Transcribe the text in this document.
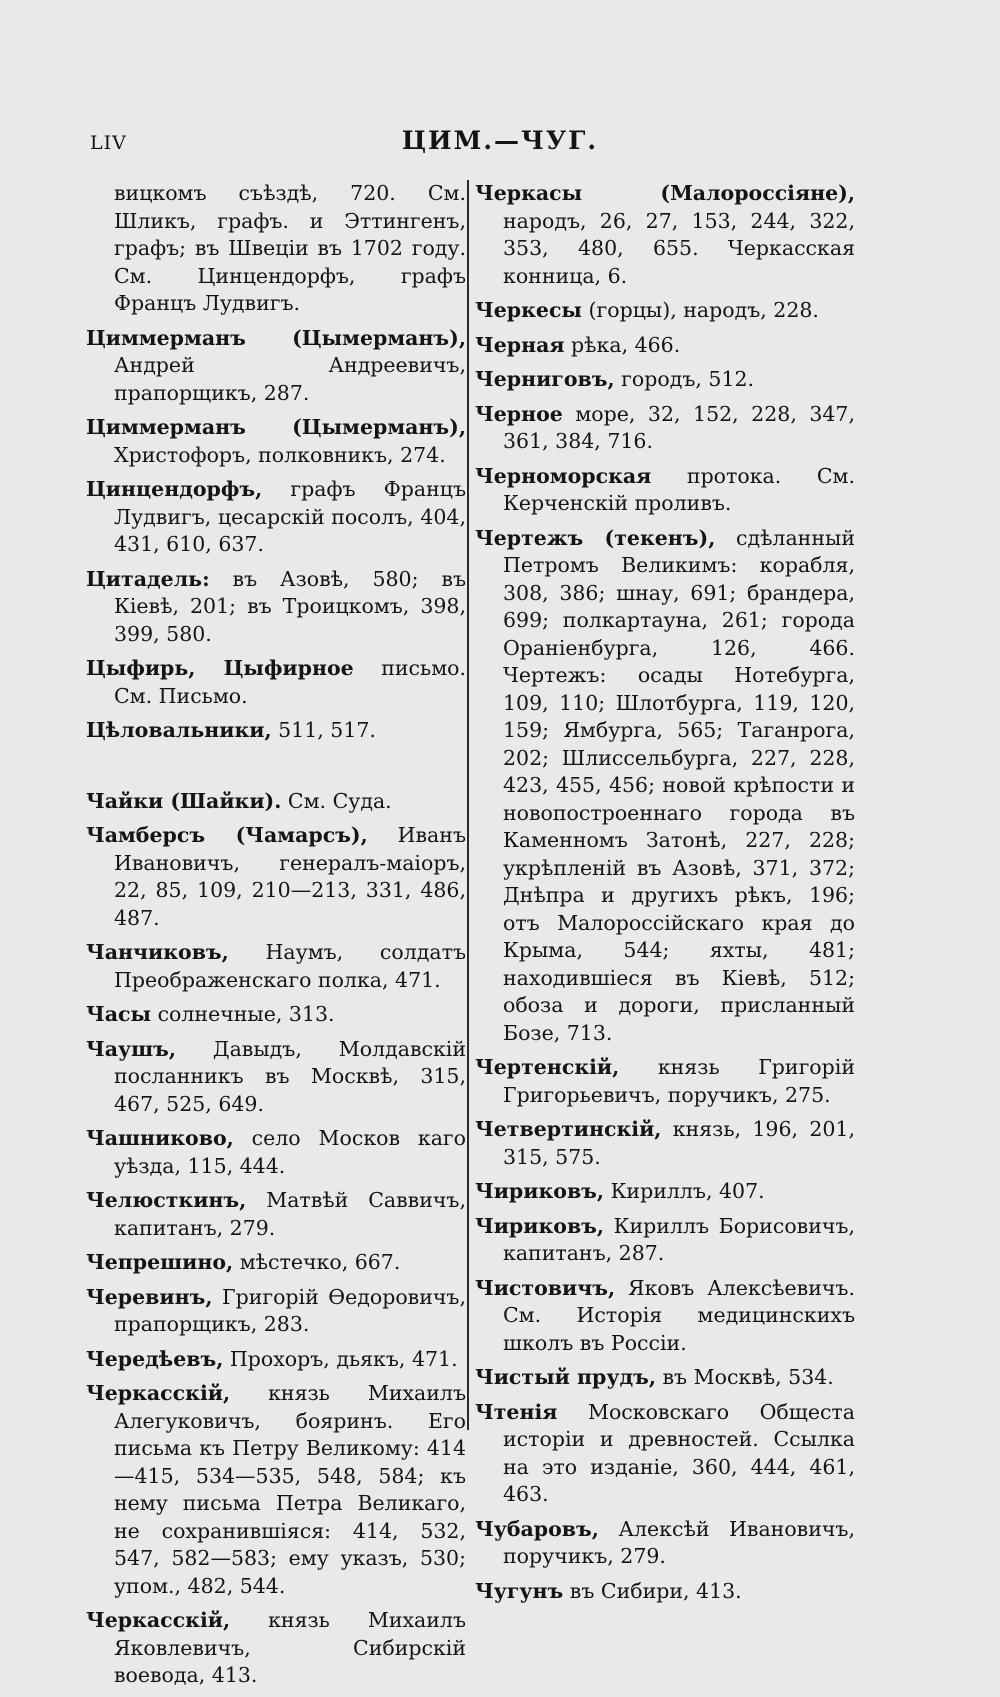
LIV	ЦИМ.—ЧУГ.

вицкомъ съѣздѣ, 720. См. Шликъ, графъ. и Эттингенъ, графъ; въ Швеціи въ 1702 году. См. Цинцендорфъ, графъ Францъ Лудвигъ.

Циммерманъ (Цымерманъ), Андрей Андреевичъ, прапорщикъ, 287.

Циммерманъ (Цымерманъ), Христофоръ, полковникъ, 274.

Цинцендорфъ, графъ Францъ Лудвигъ, цесарскій посолъ, 404, 431, 610, 637.

Цитадель: въ Азовѣ, 580; въ Кіевѣ, 201; въ Троицкомъ, 398, 399, 580.

Цыфирь, Цыфирное письмо. См. Письмо.

Цѣловальники, 511, 517.

Чайки (Шайки). См. Суда.

Чамберсъ (Чамарсъ), Иванъ Ивановичъ, генералъ-маіоръ, 22, 85, 109, 210—213, 331, 486, 487.

Чанчиковъ, Наумъ, солдатъ Преображенскаго полка, 471.

Часы солнечные, 313.

Чаушъ, Давыдъ, Молдавскій посланникъ въ Москвѣ, 315, 467, 525, 649.

Чашниково, село Москов кaго уѣзда, 115, 444.

Челюсткинъ, Матвѣй Саввичъ, капитанъ, 279.

Чепрешино, мѣстечко, 667.

Черевинъ, Григорій Ѳедоровичъ, прапорщикъ, 283.

Чередѣевъ, Прохоръ, дьякъ, 471.

Черкасскій, князь Михаилъ Алегуковичъ, бояринъ. Его письма къ Петру Великому: 414—415, 534—535, 548, 584; къ нему письма Петра Великаго, не сохранившіяся: 414, 532, 547, 582—583; ему указъ, 530; упом., 482, 544.

Черкасскій, князь Михаилъ Яковлевичъ, Сибирскій воевода, 413.

Черкасы (Малороссіяне), народъ, 26, 27, 153, 244, 322, 353, 480, 655. Черкасская конница, 6.

Черкесы (горцы), народъ, 228.

Черная рѣка, 466.

Черниговъ, городъ, 512.

Черное море, 32, 152, 228, 347, 361, 384, 716.

Черноморская протока. См. Керченскій проливъ.

Чертежъ (текенъ), сдѣланный Петромъ Великимъ: корабля, 308, 386; шнау, 691; брандера, 699; полкартауна, 261; города Ораніенбурга, 126, 466. Чертежъ: осады Нотебурга, 109, 110; Шлотбурга, 119, 120, 159; Ямбурга, 565; Таганрога, 202; Шлиссельбурга, 227, 228, 423, 455, 456; новой крѣпости и новопостроеннаго города въ Каменномъ Затонѣ, 227, 228; укрѣпленій въ Азовѣ, 371, 372; Днѣпра и другихъ рѣкъ, 196; отъ Малороссійскаго края до Крыма, 544; яхты, 481; находившіеся въ Кіевѣ, 512; обоза и дороги, присланный Бозе, 713.

Чертенскій, князь Григорій Григорьевичъ, поручикъ, 275.

Четвертинскій, князь, 196, 201, 315, 575.

Чириковъ, Кириллъ, 407.

Чириковъ, Кириллъ Борисовичъ, капитанъ, 287.

Чистовичъ, Яковъ Алексѣевичъ. См. Исторія медицинскихъ школъ въ Россіи.

Чистый прудъ, въ Москвѣ, 534.

Чтенія Московскаго Общеста исторіи и древностей. Ссылка на это изданіе, 360, 444, 461, 463.

Чубаровъ, Алексѣй Ивановичъ, поручикъ, 279.

Чугунъ въ Сибири, 413.
